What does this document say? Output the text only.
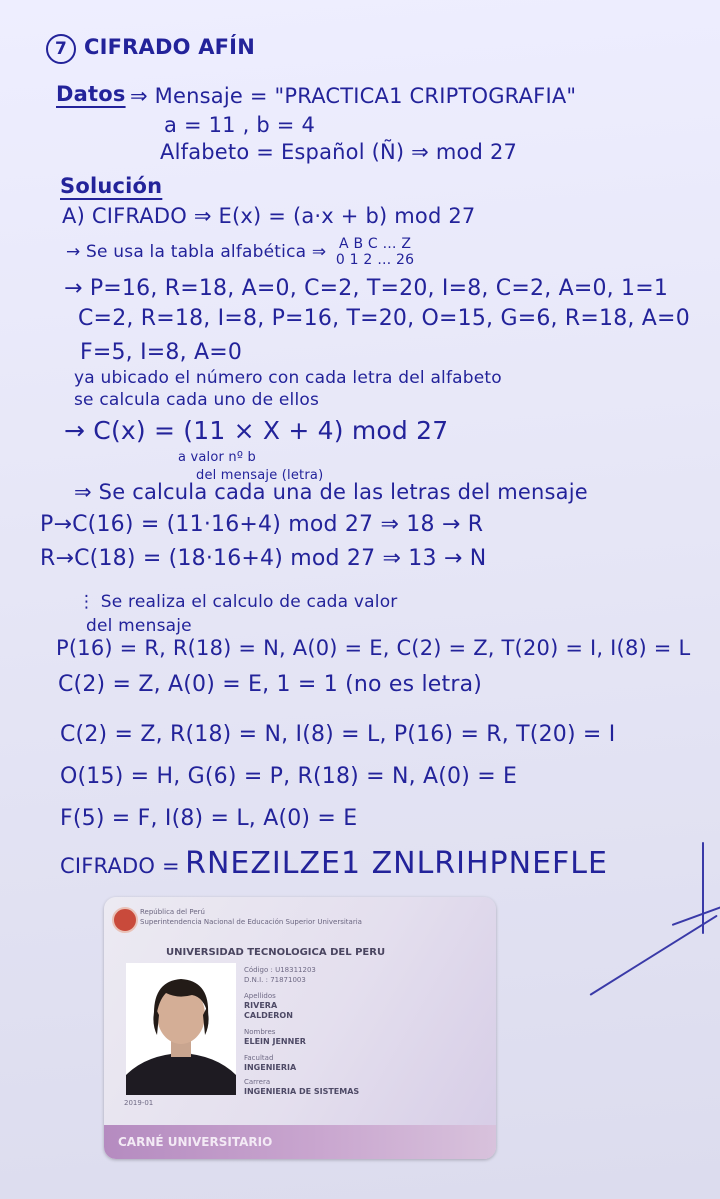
7 CIFRADO AFÍN
Datos ⇒ Mensaje = "PRACTICA1 CRIPTOGRAFIA"
a = 11 , b = 4
Alfabeto = Español (Ñ) ⇒ mod 27
Solución
A) CIFRADO ⇒ E(x) = (a·x + b) mod 27
→ Se usa la tabla alfabética ⇒ A B C … Z
0 1 2 … 26
→ P=16, R=18, A=0, C=2, T=20, I=8, C=2, A=0, 1=1
C=2, R=18, I=8, P=16, T=20, O=15, G=6, R=18, A=0
F=5, I=8, A=0
ya ubicado el número con cada letra del alfabeto
se calcula cada uno de ellos
→ C(x) = (11 × X + 4) mod 27
a valor nº b
del mensaje (letra)
⇒ Se calcula cada una de las letras del mensaje
P→C(16) = (11·16+4) mod 27 ⇒ 18 → R
R→C(18) = (18·16+4) mod 27 ⇒ 13 → N
⋮ Se realiza el calculo de cada valor
del mensaje
P(16) = R, R(18) = N, A(0) = E, C(2) = Z, T(20) = I, I(8) = L
C(2) = Z, A(0) = E, 1 = 1 (no es letra)
C(2) = Z, R(18) = N, I(8) = L, P(16) = R, T(20) = I
O(15) = H, G(6) = P, R(18) = N, A(0) = E
F(5) = F, I(8) = L, A(0) = E
CIFRADO = RNEZILZE1 ZNLRIHPNEFLE
República del Perú
Superintendencia Nacional de Educación Superior Universitaria
UNIVERSIDAD TECNOLOGICA DEL PERU
Código : U18311203
D.N.I. : 71871003
Apellidos
RIVERA
CALDERON
Nombres
ELEIN JENNER
Facultad
INGENIERIA
Carrera
INGENIERIA DE SISTEMAS
2019-01
CARNÉ UNIVERSITARIO
